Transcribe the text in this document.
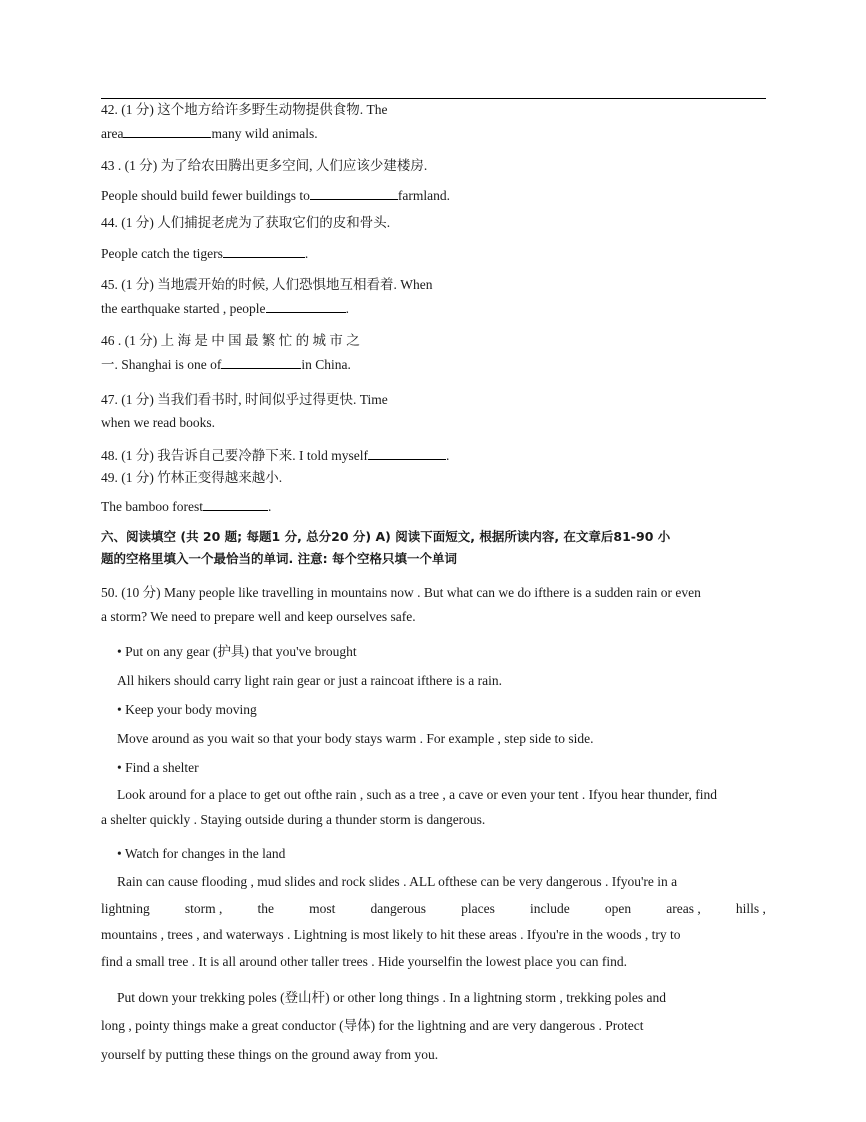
42. (1 分) 这个地方给许多野生动物提供食物. The
area	many wild animals.
43 . (1 分) 为了给农田腾出更多空间, 人们应该少建楼房.
People should build fewer buildings to	farmland.
44. (1 分) 人们捕捉老虎为了获取它们的皮和骨头.
People catch the tigers	.
45. (1 分) 当地震开始的时候, 人们恐惧地互相看着. When
the earthquake started , people	.
46 . (1 分) 上 海 是 中 国 最 繁 忙 的 城 市 之
一. Shanghai is one of	in China.
47. (1 分) 当我们看书时, 时间似乎过得更快. Time
when we read books.
48. (1 分) 我告诉自己要冷静下来. I told myself	.
49. (1 分) 竹林正变得越来越小.
The bamboo forest	.
六、阅读填空 (共 20 题; 每题1 分, 总分20 分) A) 阅读下面短文, 根据所读内容, 在文章后81-90 小
题的空格里填入一个最恰当的单词. 注意: 每个空格只填一个单词
50. (10 分) Many people like travelling in mountains now . But what can we do ifthere is a sudden rain or even
a storm? We need to prepare well and keep ourselves safe.
• Put on any gear (护具) that you've brought
All hikers should carry light rain gear or just a raincoat ifthere is a rain.
• Keep your body moving
Move around as you wait so that your body stays warm . For example , step side to side.
• Find a shelter
Look around for a place to get out ofthe rain , such as a tree , a cave or even your tent . Ifyou hear thunder, find
a shelter quickly . Staying outside during a thunder storm is dangerous.
• Watch for changes in the land
Rain can cause flooding , mud slides and rock slides . ALL ofthese can be very dangerous . Ifyou're in a
lightning	storm ,	the	most	dangerous	places	include	open	areas ,	hills ,
mountains , trees , and waterways . Lightning is most likely to hit these areas . Ifyou're in the woods , try to
find a small tree . It is all around other taller trees . Hide yourselfin the lowest place you can find.
Put down your trekking poles (登山杆) or other long things . In a lightning storm , trekking poles and
long , pointy things make a great conductor (导体) for the lightning and are very dangerous . Protect
yourself by putting these things on the ground away from you.
